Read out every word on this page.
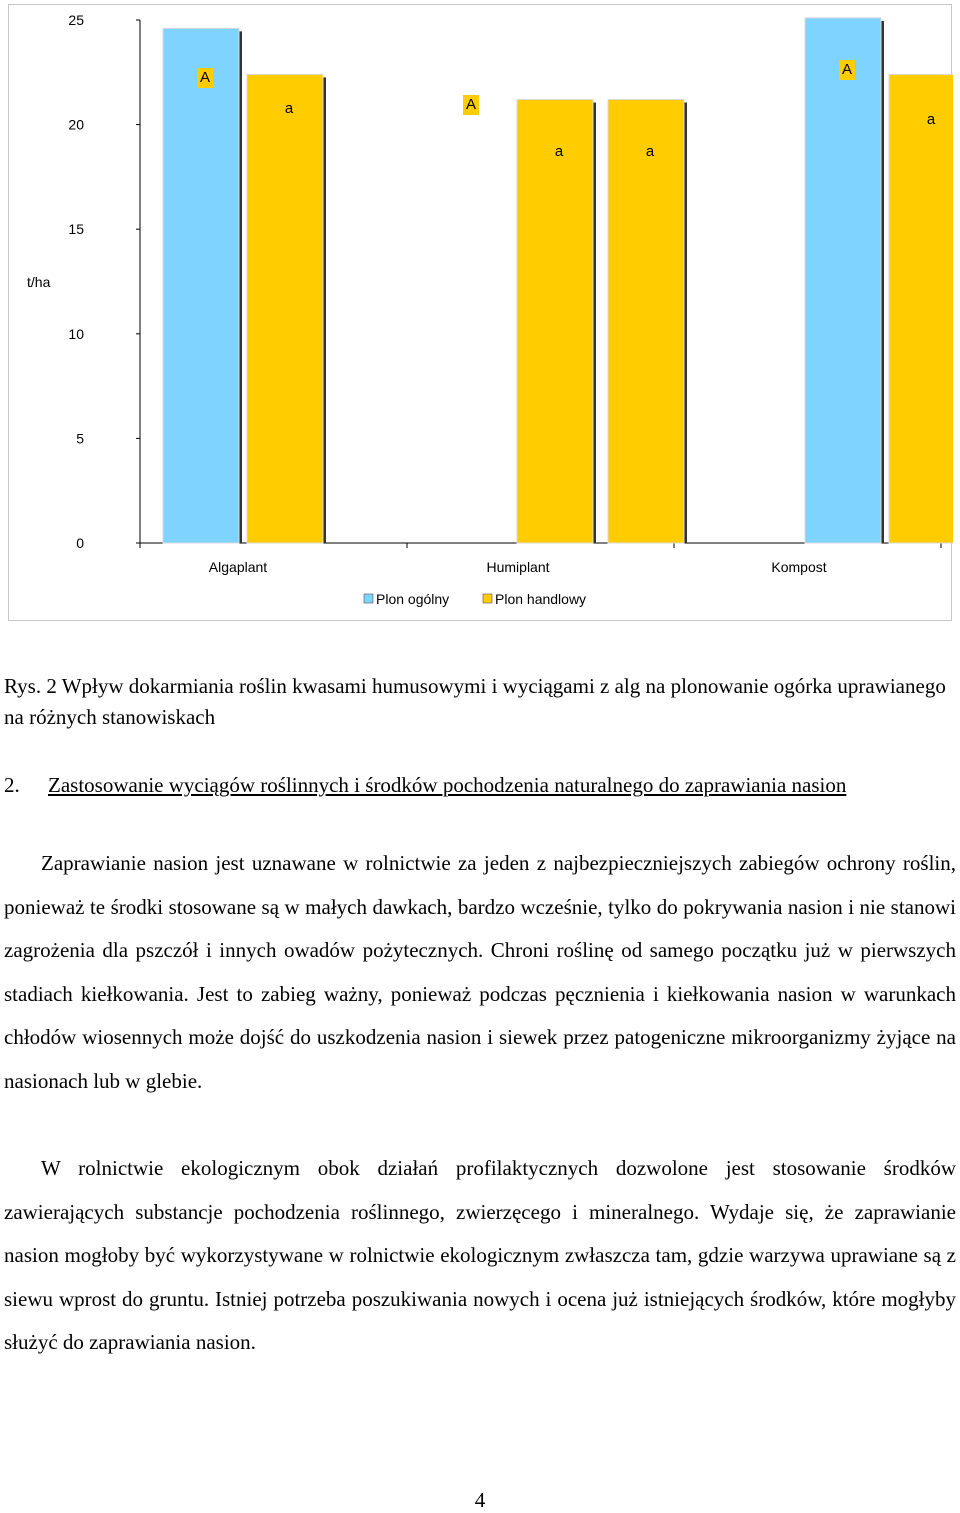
0
5
10
15
20
25
t/ha
A
a
a
A
a
A
a
Algaplant	Humiplant	Kompost
Plon ogólny	Plon handlowy

Rys. 2 Wpływ dokarmiania roślin kwasami humusowymi i wyciągami z alg na plonowanie ogórka uprawianego na różnych stanowiskach

2. Zastosowanie wyciągów roślinnych i środków pochodzenia naturalnego do zaprawiania nasion

Zaprawianie nasion jest uznawane w rolnictwie za jeden z najbezpieczniejszych zabiegów ochrony roślin, ponieważ te środki stosowane są w małych dawkach, bardzo wcześnie, tylko do pokrywania nasion i nie stanowi zagrożenia dla pszczół i innych owadów pożytecznych. Chroni roślinę od samego początku już w pierwszych stadiach kiełkowania. Jest to zabieg ważny, ponieważ podczas pęcznienia i kiełkowania nasion w warunkach chłodów wiosennych może dojść do uszkodzenia nasion i siewek przez patogeniczne mikroorganizmy żyjące na nasionach lub w glebie.

W rolnictwie ekologicznym obok działań profilaktycznych dozwolone jest stosowanie środków zawierających substancje pochodzenia roślinnego, zwierzęcego i mineralnego. Wydaje się, że zaprawianie nasion mogłoby być wykorzystywane w rolnictwie ekologicznym zwłaszcza tam, gdzie warzywa uprawiane są z siewu wprost do gruntu. Istniej potrzeba poszukiwania nowych i ocena już istniejących środków, które mogłyby służyć do zaprawiania nasion.

4
